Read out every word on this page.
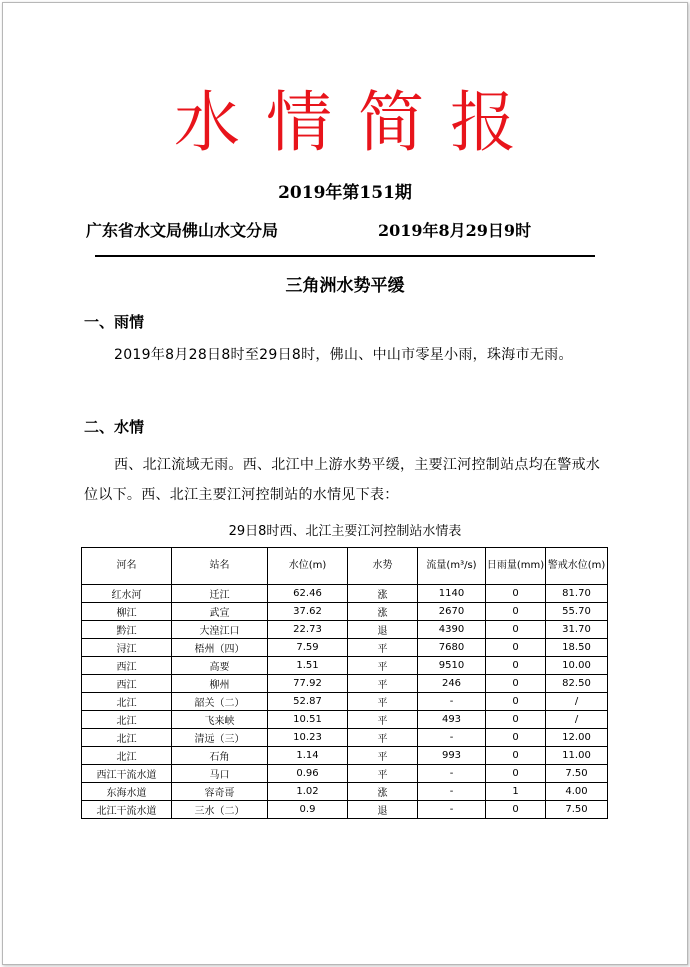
水情简报
2019年第151期
广东省水文局佛山水文分局	2019年8月29日9时
三角洲水势平缓
一、雨情
2019年8月28日8时至29日8时，佛山、中山市零星小雨，珠海市无雨。
二、水情
西、北江流域无雨。西、北江中上游水势平缓，主要江河控制站点均在警戒水位以下。西、北江主要江河控制站的水情见下表：
29日8时西、北江主要江河控制站水情表
河名	站名	水位(m)	水势	流量(m³/s)	日雨量(mm)	警戒水位(m)
红水河	迁江	62.46	涨	1140	0	81.70
柳江	武宣	37.62	涨	2670	0	55.70
黔江	大湟江口	22.73	退	4390	0	31.70
浔江	梧州（四）	7.59	平	7680	0	18.50
西江	高要	1.51	平	9510	0	10.00
西江	柳州	77.92	平	246	0	82.50
北江	韶关（二）	52.87	平	-	0	/
北江	飞来峡	10.51	平	493	0	/
北江	清远（三）	10.23	平	-	0	12.00
北江	石角	1.14	平	993	0	11.00
西江干流水道	马口	0.96	平	-	0	7.50
东海水道	容奇哥	1.02	涨	-	1	4.00
北江干流水道	三水（二）	0.9	退	-	0	7.50
